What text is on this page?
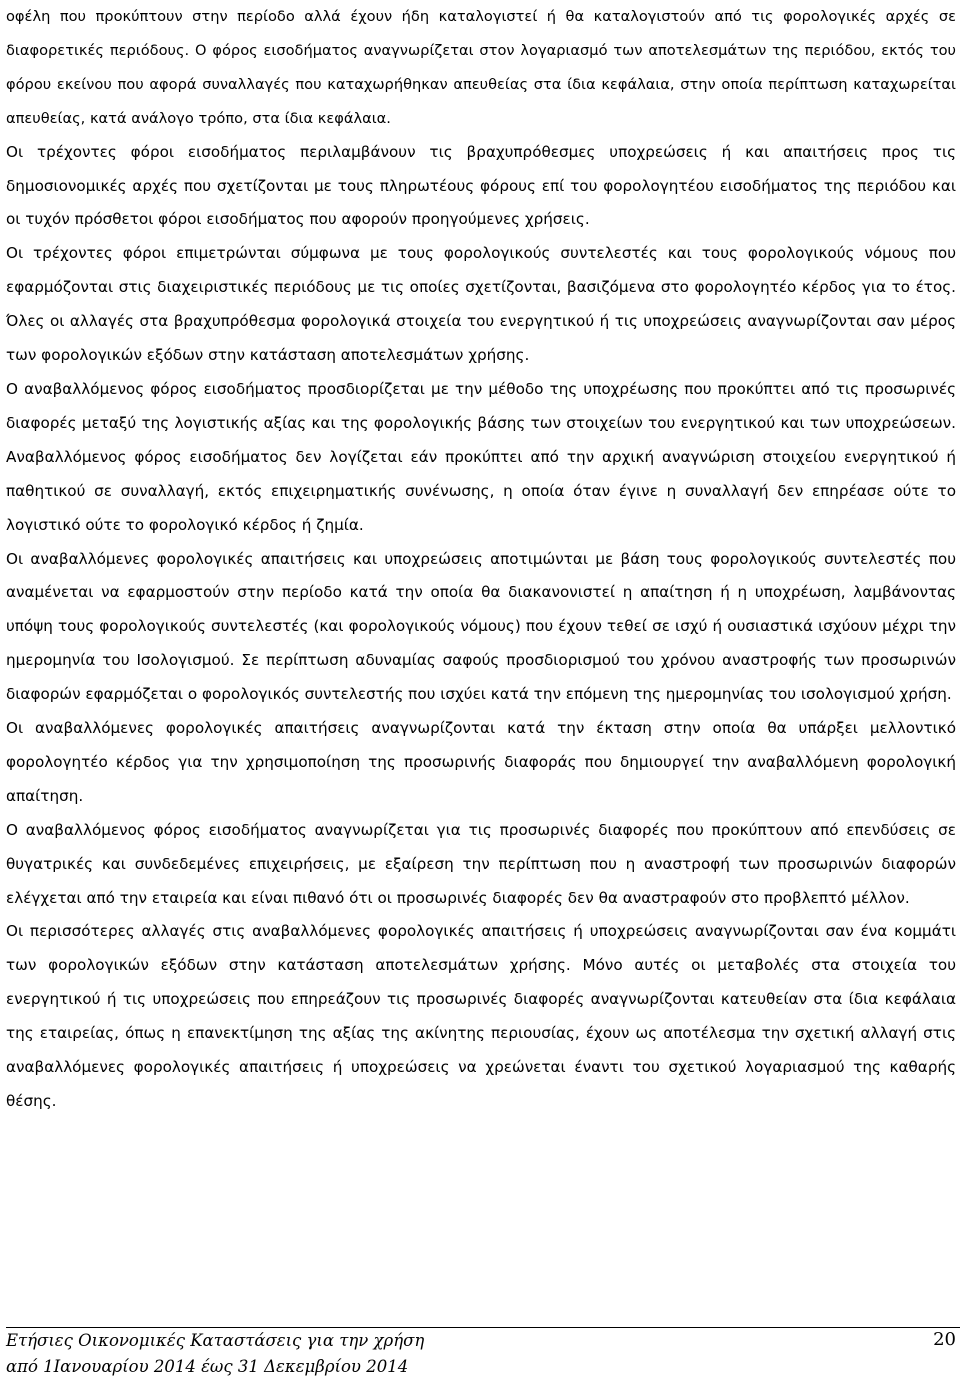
οφέλη που προκύπτουν στην περίοδο αλλά έχουν ήδη καταλογιστεί ή θα καταλογιστούν από τις φορολογικές αρχές σε διαφορετικές περιόδους. Ο φόρος εισοδήματος αναγνωρίζεται στον λογαριασμό των αποτελεσμάτων της περιόδου, εκτός του φόρου εκείνου που αφορά συναλλαγές που καταχωρήθηκαν απευθείας στα ίδια κεφάλαια, στην οποία περίπτωση καταχωρείται απευθείας, κατά ανάλογο τρόπο, στα ίδια κεφάλαια.

Οι τρέχοντες φόροι εισοδήματος περιλαμβάνουν τις βραχυπρόθεσμες υποχρεώσεις ή και απαιτήσεις προς τις δημοσιονομικές αρχές που σχετίζονται με τους πληρωτέους φόρους επί του φορολογητέου εισοδήματος της περιόδου και οι τυχόν πρόσθετοι φόροι εισοδήματος που αφορούν προηγούμενες χρήσεις.

Οι τρέχοντες φόροι επιμετρώνται σύμφωνα με τους φορολογικούς συντελεστές και τους φορολογικούς νόμους που εφαρμόζονται στις διαχειριστικές περιόδους με τις οποίες σχετίζονται, βασιζόμενα στο φορολογητέο κέρδος για το έτος. Όλες οι αλλαγές στα βραχυπρόθεσμα φορολογικά στοιχεία του ενεργητικού ή τις υποχρεώσεις αναγνωρίζονται σαν μέρος των φορολογικών εξόδων στην κατάσταση αποτελεσμάτων χρήσης.

Ο αναβαλλόμενος φόρος εισοδήματος προσδιορίζεται με την μέθοδο της υποχρέωσης που προκύπτει από τις προσωρινές διαφορές μεταξύ της λογιστικής αξίας και της φορολογικής βάσης των στοιχείων του ενεργητικού και των υποχρεώσεων. Αναβαλλόμενος φόρος εισοδήματος δεν λογίζεται εάν προκύπτει από την αρχική αναγνώριση στοιχείου ενεργητικού ή παθητικού σε συναλλαγή, εκτός επιχειρηματικής συνένωσης, η οποία όταν έγινε η συναλλαγή δεν επηρέασε ούτε το λογιστικό ούτε το φορολογικό κέρδος ή ζημία.

Οι αναβαλλόμενες φορολογικές απαιτήσεις και υποχρεώσεις αποτιμώνται με βάση τους φορολογικούς συντελεστές που αναμένεται να εφαρμοστούν στην περίοδο κατά την οποία θα διακανονιστεί η απαίτηση ή η υποχρέωση, λαμβάνοντας υπόψη τους φορολογικούς συντελεστές (και φορολογικούς νόμους) που έχουν τεθεί σε ισχύ ή ουσιαστικά ισχύουν μέχρι την ημερομηνία του Ισολογισμού. Σε περίπτωση αδυναμίας σαφούς προσδιορισμού του χρόνου αναστροφής των προσωρινών διαφορών εφαρμόζεται ο φορολογικός συντελεστής που ισχύει κατά την επόμενη της ημερομηνίας του ισολογισμού χρήση.

Οι αναβαλλόμενες φορολογικές απαιτήσεις αναγνωρίζονται κατά την έκταση στην οποία θα υπάρξει μελλοντικό φορολογητέο κέρδος για την χρησιμοποίηση της προσωρινής διαφοράς που δημιουργεί την αναβαλλόμενη φορολογική απαίτηση.

Ο αναβαλλόμενος φόρος εισοδήματος αναγνωρίζεται για τις προσωρινές διαφορές που προκύπτουν από επενδύσεις σε θυγατρικές και συνδεδεμένες επιχειρήσεις, με εξαίρεση την περίπτωση που η αναστροφή των προσωρινών διαφορών ελέγχεται από την εταιρεία και είναι πιθανό ότι οι προσωρινές διαφορές δεν θα αναστραφούν στο προβλεπτό μέλλον.

Οι περισσότερες αλλαγές στις αναβαλλόμενες φορολογικές απαιτήσεις ή υποχρεώσεις αναγνωρίζονται σαν ένα κομμάτι των φορολογικών εξόδων στην κατάσταση αποτελεσμάτων χρήσης. Μόνο αυτές οι μεταβολές στα στοιχεία του ενεργητικού ή τις υποχρεώσεις που επηρεάζουν τις προσωρινές διαφορές αναγνωρίζονται κατευθείαν στα ίδια κεφάλαια της εταιρείας, όπως η επανεκτίμηση της αξίας της ακίνητης περιουσίας, έχουν ως αποτέλεσμα την σχετική αλλαγή στις αναβαλλόμενες φορολογικές απαιτήσεις ή υποχρεώσεις να χρεώνεται έναντι του σχετικού λογαριασμού της καθαρής θέσης.

Ετήσιες Οικονομικές Καταστάσεις για την χρήση
από 1Ιανουαρίου 2014 έως 31 Δεκεμβρίου 2014
20
